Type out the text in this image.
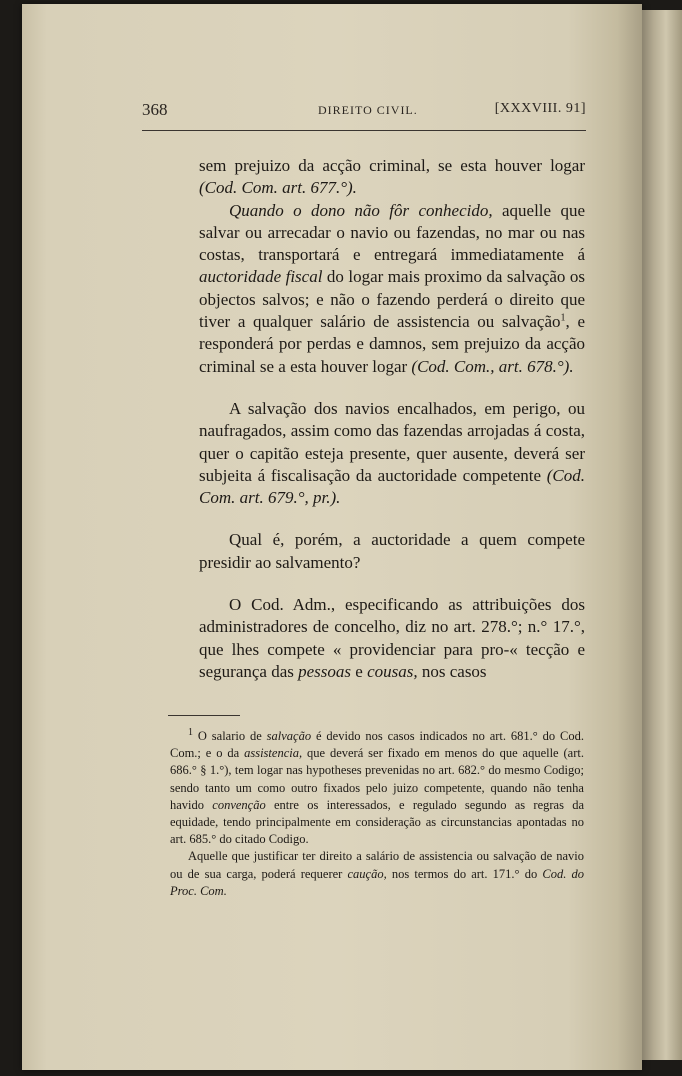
368	DIREITO CIVIL.	[XXXVIII. 91]

sem prejuizo da acção criminal, se esta houver logar (Cod. Com. art. 677.°).

Quando o dono não fôr conhecido, aquelle que salvar ou arrecadar o navio ou fazendas, no mar ou nas costas, transportará e entregará immediatamente á auctoridade fiscal do logar mais proximo da salvação os objectos salvos; e não o fazendo perderá o direito que tiver a qualquer salário de assistencia ou salvação$^1$, e responderá por perdas e damnos, sem prejuizo da acção criminal se a esta houver logar (Cod. Com., art. 678.°).

A salvação dos navios encalhados, em perigo, ou naufragados, assim como das fazendas arrojadas á costa, quer o capitão esteja presente, quer ausente, deverá ser subjeita á fiscalisação da auctoridade competente (Cod. Com. art. 679.°, pr.).

Qual é, porém, a auctoridade a quem compete presidir ao salvamento?

O Cod. Adm., especificando as attribuições dos administradores de concelho, diz no art. 278.°; n.° 17.°, que lhes compete « providenciar para pro-« tecção e segurança das pessoas e cousas, nos casos

$^1$ O salario de salvação é devido nos casos indicados no art. 681.° do Cod. Com.; e o da assistencia, que deverá ser fixado em menos do que aquelle (art. 686.° § 1.°), tem logar nas hypotheses prevenidas no art. 682.° do mesmo Codigo; sendo tanto um como outro fixados pelo juizo competente, quando não tenha havido convenção entre os interessados, e regulado segundo as regras da equidade, tendo principalmente em consideração as circunstancias apontadas no art. 685.° do citado Codigo.

Aquelle que justificar ter direito a salário de assistencia ou salvação de navio ou de sua carga, poderá requerer caução, nos termos do art. 171.° do Cod. do Proc. Com.
